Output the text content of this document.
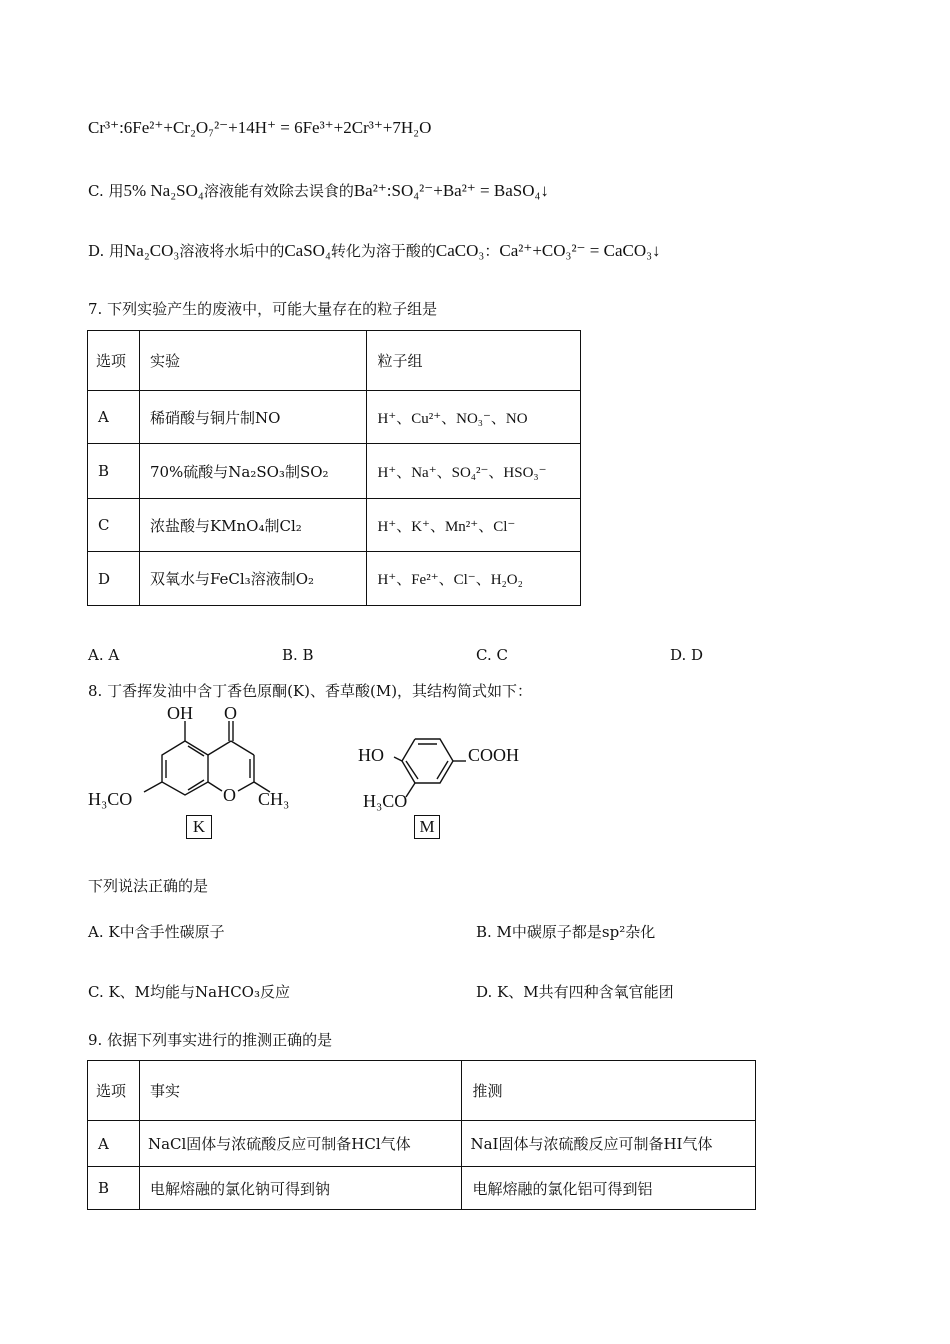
Cr³⁺:6Fe²⁺+Cr₂O₇²⁻+14H⁺ = 6Fe³⁺+2Cr³⁺+7H₂O
C. 用5% Na₂SO₄溶液能有效除去误食的Ba²⁺:SO₄²⁻+Ba²⁺ = BaSO₄↓
D. 用Na₂CO₃溶液将水垢中的CaSO₄转化为溶于酸的CaCO₃：Ca²⁺+CO₃²⁻ = CaCO₃↓
7. 下列实验产生的废液中，可能大量存在的粒子组是
选项	实验	粒子组
A	稀硝酸与铜片制NO	H⁺、Cu²⁺、NO₃⁻、NO
B	70%硫酸与Na₂SO₃制SO₂	H⁺、Na⁺、SO₄²⁻、HSO₃⁻
C	浓盐酸与KMnO₄制Cl₂	H⁺、K⁺、Mn²⁺、Cl⁻
D	双氧水与FeCl₃溶液制O₂	H⁺、Fe²⁺、Cl⁻、H₂O₂
A. A	B. B	C. C	D. D
8. 丁香挥发油中含丁香色原酮(K)、香草酸(M)，其结构简式如下：
OH O
O
H₃CO	CH₃
K
HO	COOH
H₃CO
M
下列说法正确的是
A. K中含手性碳原子	B. M中碳原子都是sp²杂化
C. K、M均能与NaHCO₃反应	D. K、M共有四种含氧官能团
9. 依据下列事实进行的推测正确的是
选项	事实	推测
A	NaCl固体与浓硫酸反应可制备HCl气体	NaI固体与浓硫酸反应可制备HI气体
B	电解熔融的氯化钠可得到钠	电解熔融的氯化铝可得到铝
